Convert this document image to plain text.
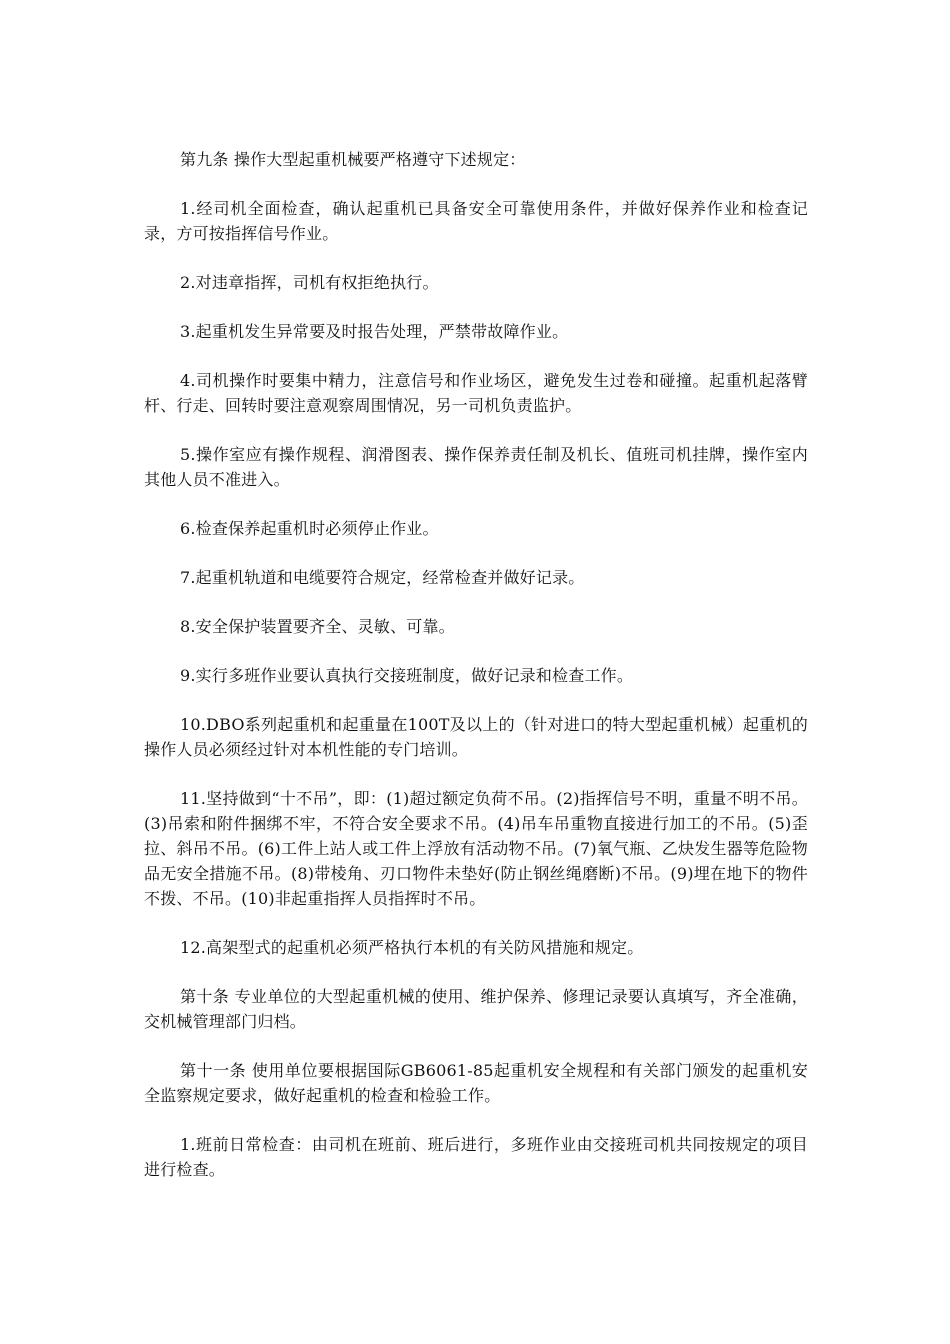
第九条 操作大型起重机械要严格遵守下述规定：

1.经司机全面检查，确认起重机已具备安全可靠使用条件，并做好保养作业和检查记录，方可按指挥信号作业。

2.对违章指挥，司机有权拒绝执行。

3.起重机发生异常要及时报告处理，严禁带故障作业。

4.司机操作时要集中精力，注意信号和作业场区，避免发生过卷和碰撞。起重机起落臂杆、行走、回转时要注意观察周围情况，另一司机负责监护。

5.操作室应有操作规程、润滑图表、操作保养责任制及机长、值班司机挂牌，操作室内其他人员不准进入。

6.检查保养起重机时必须停止作业。

7.起重机轨道和电缆要符合规定，经常检查并做好记录。

8.安全保护装置要齐全、灵敏、可靠。

9.实行多班作业要认真执行交接班制度，做好记录和检查工作。

10.DBO系列起重机和起重量在100T及以上的（针对进口的特大型起重机械）起重机的操作人员必须经过针对本机性能的专门培训。

11.坚持做到“十不吊”，即：(1)超过额定负荷不吊。(2)指挥信号不明，重量不明不吊。(3)吊索和附件捆绑不牢，不符合安全要求不吊。(4)吊车吊重物直接进行加工的不吊。(5)歪拉、斜吊不吊。(6)工件上站人或工件上浮放有活动物不吊。(7)氧气瓶、乙炔发生器等危险物品无安全措施不吊。(8)带棱角、刃口物件未垫好(防止钢丝绳磨断)不吊。(9)埋在地下的物件不拨、不吊。(10)非起重指挥人员指挥时不吊。

12.高架型式的起重机必须严格执行本机的有关防风措施和规定。

第十条 专业单位的大型起重机械的使用、维护保养、修理记录要认真填写，齐全准确，交机械管理部门归档。

第十一条 使用单位要根据国际GB6061-85起重机安全规程和有关部门颁发的起重机安全监察规定要求，做好起重机的检查和检验工作。

1.班前日常检查：由司机在班前、班后进行，多班作业由交接班司机共同按规定的项目进行检查。
